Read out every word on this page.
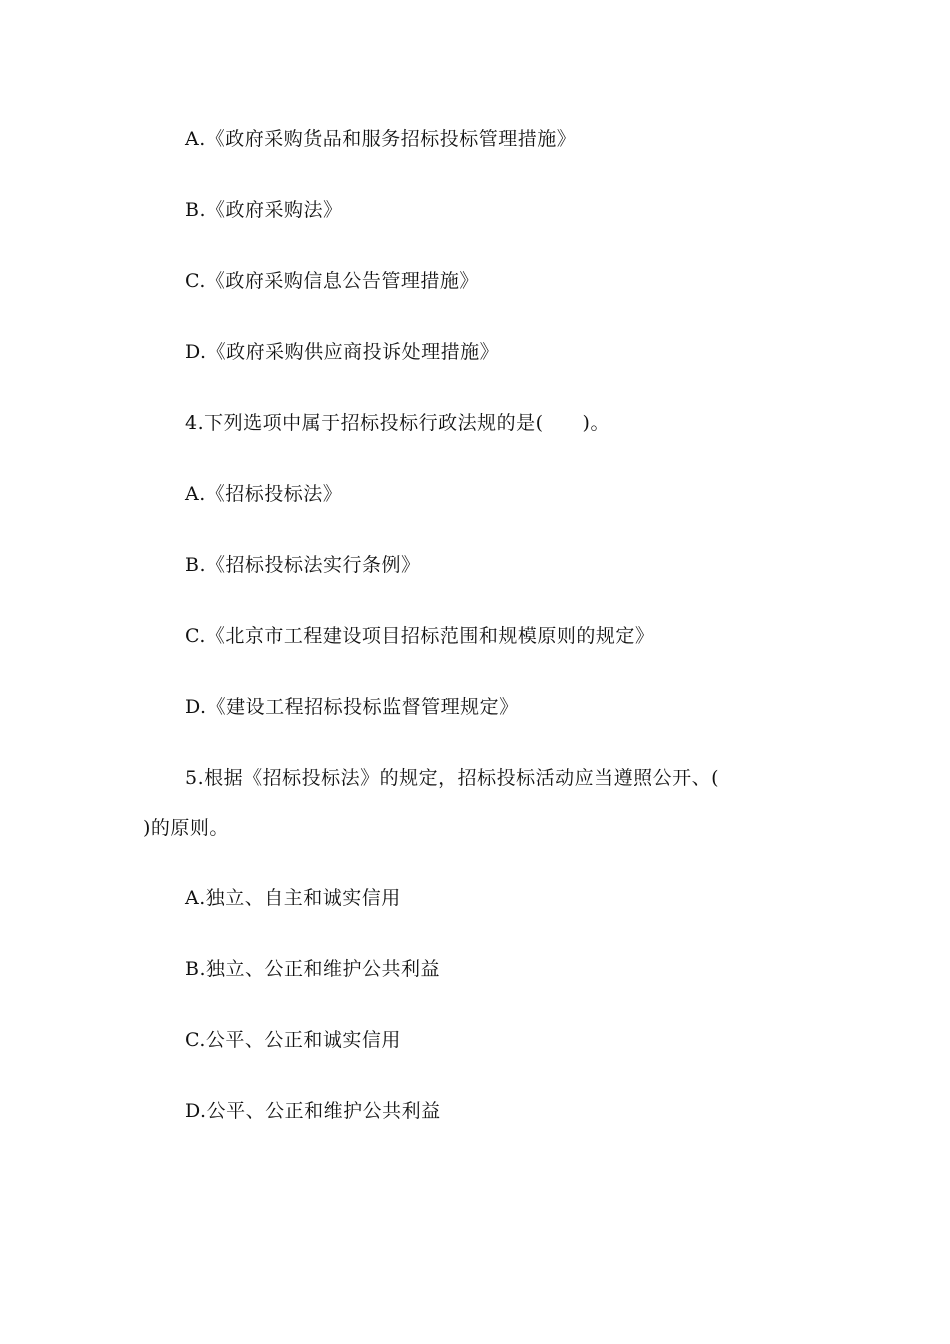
A.《政府采购货品和服务招标投标管理措施》
B.《政府采购法》
C.《政府采购信息公告管理措施》
D.《政府采购供应商投诉处理措施》
4.下列选项中属于招标投标行政法规的是(　　)。
A.《招标投标法》
B.《招标投标法实行条例》
C.《北京市工程建设项目招标范围和规模原则的规定》
D.《建设工程招标投标监督管理规定》
5.根据《招标投标法》的规定，招标投标活动应当遵照公开、(
)的原则。
A.独立、自主和诚实信用
B.独立、公正和维护公共利益
C.公平、公正和诚实信用
D.公平、公正和维护公共利益
